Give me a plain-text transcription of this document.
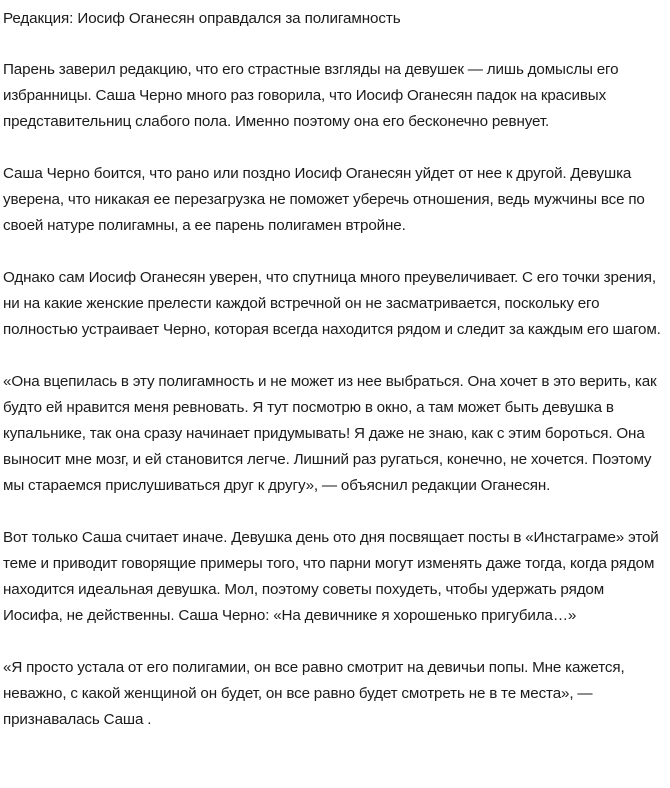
Редакция: Иосиф Оганесян оправдался за полигамность

Парень заверил редакцию, что его страстные взгляды на девушек — лишь домыслы его избранницы. Саша Черно много раз говорила, что Иосиф Оганесян падок на красивых представительниц слабого пола. Именно поэтому она его бесконечно ревнует.

Саша Черно боится, что рано или поздно Иосиф Оганесян уйдет от нее к другой. Девушка уверена, что никакая ее перезагрузка не поможет уберечь отношения, ведь мужчины все по своей натуре полигамны, а ее парень полигамен втройне.

Однако сам Иосиф Оганесян уверен, что спутница много преувеличивает. С его точки зрения, ни на какие женские прелести каждой встречной он не засматривается, поскольку его полностью устраивает Черно, которая всегда находится рядом и следит за каждым его шагом.

«Она вцепилась в эту полигамность и не может из нее выбраться. Она хочет в это верить, как будто ей нравится меня ревновать. Я тут посмотрю в окно, а там может быть девушка в купальнике, так она сразу начинает придумывать! Я даже не знаю, как с этим бороться. Она выносит мне мозг, и ей становится легче. Лишний раз ругаться, конечно, не хочется. Поэтому мы стараемся прислушиваться друг к другу», — объяснил редакции Оганесян.

Вот только Саша считает иначе. Девушка день ото дня посвящает посты в «Инстаграме» этой теме и приводит говорящие примеры того, что парни могут изменять даже тогда, когда рядом находится идеальная девушка. Мол, поэтому советы похудеть, чтобы удержать рядом Иосифа, не действенны. Саша Черно: «На девичнике я хорошенько пригубила…»

«Я просто устала от его полигамии, он все равно смотрит на девичьи попы. Мне кажется, неважно, с какой женщиной он будет, он все равно будет смотреть не в те места», — признавалась Саша .
